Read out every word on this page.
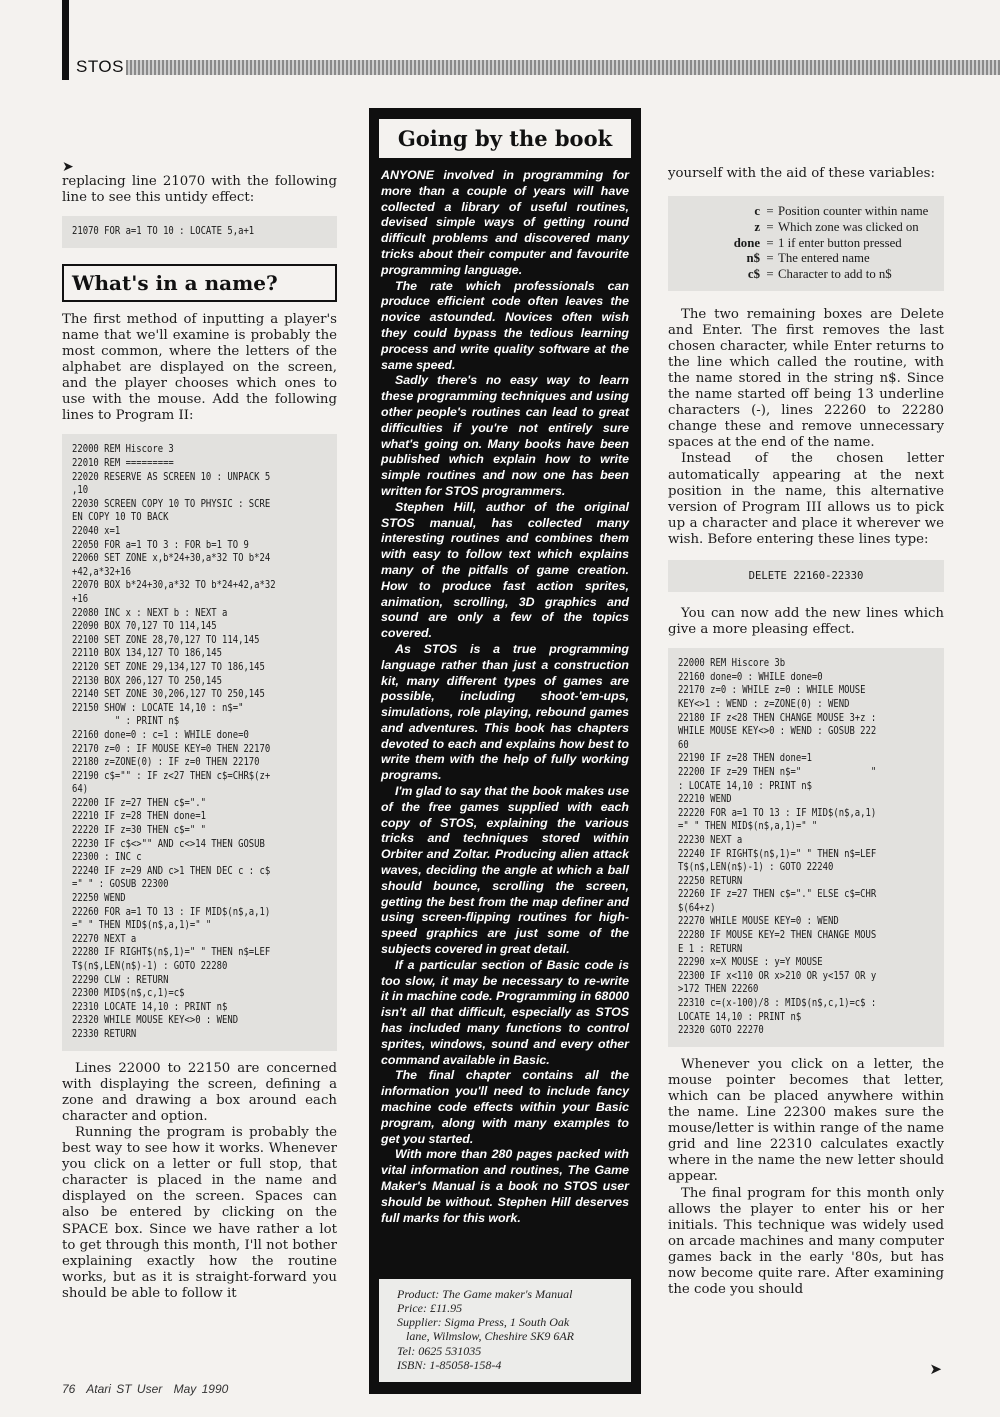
STOS

➤

replacing line 21070 with the following line to see this untidy effect:

21070 FOR a=1 TO 10 : LOCATE 5,a+1
What's in a name?

The first method of inputting a player's name that we'll examine is probably the most common, where the letters of the alphabet are displayed on the screen, and the player chooses which ones to use with the mouse. Add the following lines to Program II:

22000 REM Hiscore 3
22010 REM =========
22020 RESERVE AS SCREEN 10 : UNPACK 5
,10
22030 SCREEN COPY 10 TO PHYSIC : SCRE
EN COPY 10 TO BACK
22040 x=1
22050 FOR a=1 TO 3 : FOR b=1 TO 9
22060 SET ZONE x,b*24+30,a*32 TO b*24
+42,a*32+16
22070 BOX b*24+30,a*32 TO b*24+42,a*32
+16
22080 INC x : NEXT b : NEXT a
22090 BOX 70,127 TO 114,145
22100 SET ZONE 28,70,127 TO 114,145
22110 BOX 134,127 TO 186,145
22120 SET ZONE 29,134,127 TO 186,145
22130 BOX 206,127 TO 250,145
22140 SET ZONE 30,206,127 TO 250,145
22150 SHOW : LOCATE 14,10 : n$="
" : PRINT n$
22160 done=0 : c=1 : WHILE done=0
22170 z=0 : IF MOUSE KEY=0 THEN 22170
22180 z=ZONE(0) : IF z=0 THEN 22170
22190 c$="" : IF z<27 THEN c$=CHR$(z+
64)
22200 IF z=27 THEN c$="."
22210 IF z=28 THEN done=1
22220 IF z=30 THEN c$=" "
22230 IF c$<>"" AND c<>14 THEN GOSUB
22300 : INC c
22240 IF z=29 AND c>1 THEN DEC c : c$
=" " : GOSUB 22300
22250 WEND
22260 FOR a=1 TO 13 : IF MID$(n$,a,1)
=" " THEN MID$(n$,a,1)=" "
22270 NEXT a
22280 IF RIGHT$(n$,1)=" " THEN n$=LEF
T$(n$,LEN(n$)-1) : GOTO 22280
22290 CLW : RETURN
22300 MID$(n$,c,1)=c$
22310 LOCATE 14,10 : PRINT n$
22320 WHILE MOUSE KEY<>0 : WEND
22330 RETURN

Lines 22000 to 22150 are concerned with displaying the screen, defining a zone and drawing a box around each character and option.

Running the program is probably the best way to see how it works. Whenever you click on a letter or full stop, that character is placed in the name and displayed on the screen. Spaces can also be entered by clicking on the SPACE box. Since we have rather a lot to get through this month, I'll not bother explaining exactly how the routine works, but as it is straight-forward you should be able to follow it

Going by the book

ANYONE involved in programming for more than a couple of years will have collected a library of useful routines, devised simple ways of getting round difficult problems and discovered many tricks about their computer and favourite programming language.

The rate which professionals can produce efficient code often leaves the novice astounded. Novices often wish they could bypass the tedious learning process and write quality software at the same speed.

Sadly there's no easy way to learn these programming techniques and using other people's routines can lead to great difficulties if you're not entirely sure what's going on. Many books have been published which explain how to write simple routines and now one has been written for STOS programmers.

Stephen Hill, author of the original STOS manual, has collected many interesting routines and combines them with easy to follow text which explains many of the pitfalls of game creation. How to produce fast action sprites, animation, scrolling, 3D graphics and sound are only a few of the topics covered.

As STOS is a true programming language rather than just a construction kit, many different types of games are possible, including shoot-'em-ups, simulations, role playing, rebound games and adventures. This book has chapters devoted to each and explains how best to write them with the help of fully working programs.

I'm glad to say that the book makes use of the free games supplied with each copy of STOS, explaining the various tricks and techniques stored within Orbiter and Zoltar. Producing alien attack waves, deciding the angle at which a ball should bounce, scrolling the screen, getting the best from the map definer and using screen-flipping routines for high-speed graphics are just some of the subjects covered in great detail.

If a particular section of Basic code is too slow, it may be necessary to re-write it in machine code. Programming in 68000 isn't all that difficult, especially as STOS has included many functions to control sprites, windows, sound and every other command available in Basic.

The final chapter contains all the information you'll need to include fancy machine code effects within your Basic program, along with many examples to get you started.

With more than 280 pages packed with vital information and routines, The Game Maker's Manual is a book no STOS user should be without. Stephen Hill deserves full marks for this work.

Product: The Game maker's Manual
Price: £11.95
Supplier: Sigma Press, 1 South Oak
lane, Wilmslow, Cheshire SK9 6AR
Tel: 0625 531035
ISBN: 1-85058-158-4

yourself with the aid of these variables:

c = Position counter within name
z = Which zone was clicked on
done = 1 if enter button pressed
n$ = The entered name
c$ = Character to add to n$

The two remaining boxes are Delete and Enter. The first removes the last chosen character, while Enter returns to the line which called the routine, with the name stored in the string n$. Since the name started off being 13 underline characters (-), lines 22260 to 22280 change these and remove unnecessary spaces at the end of the name.

Instead of the chosen letter automatically appearing at the next position in the name, this alternative version of Program III allows us to pick up a character and place it wherever we wish. Before entering these lines type:

DELETE 22160-22330

You can now add the new lines which give a more pleasing effect.

22000 REM Hiscore 3b
22160 done=0 : WHILE done=0
22170 z=0 : WHILE z=0 : WHILE MOUSE
KEY<>1 : WEND : z=ZONE(0) : WEND
22180 IF z<28 THEN CHANGE MOUSE 3+z :
WHILE MOUSE KEY<>0 : WEND : GOSUB 222
60
22190 IF z=28 THEN done=1
22200 IF z=29 THEN n$="             "
: LOCATE 14,10 : PRINT n$
22210 WEND
22220 FOR a=1 TO 13 : IF MID$(n$,a,1)
=" " THEN MID$(n$,a,1)=" "
22230 NEXT a
22240 IF RIGHT$(n$,1)=" " THEN n$=LEF
T$(n$,LEN(n$)-1) : GOTO 22240
22250 RETURN
22260 IF z=27 THEN c$="." ELSE c$=CHR
$(64+z)
22270 WHILE MOUSE KEY=0 : WEND
22280 IF MOUSE KEY=2 THEN CHANGE MOUS
E 1 : RETURN
22290 x=X MOUSE : y=Y MOUSE
22300 IF x<110 OR x>210 OR y<157 OR y
>172 THEN 22260
22310 c=(x-100)/8 : MID$(n$,c,1)=c$ :
LOCATE 14,10 : PRINT n$
22320 GOTO 22270

Whenever you click on a letter, the mouse pointer becomes that letter, which can be placed anywhere within the name. Line 22300 makes sure the mouse/letter is within range of the name grid and line 22310 calculates exactly where in the name the new letter should appear.

The final program for this month only allows the player to enter his or her initials. This technique was widely used on arcade machines and many computer games back in the early '80s, but has now become quite rare. After examining the code you should

➤
76 Atari ST User May 1990
